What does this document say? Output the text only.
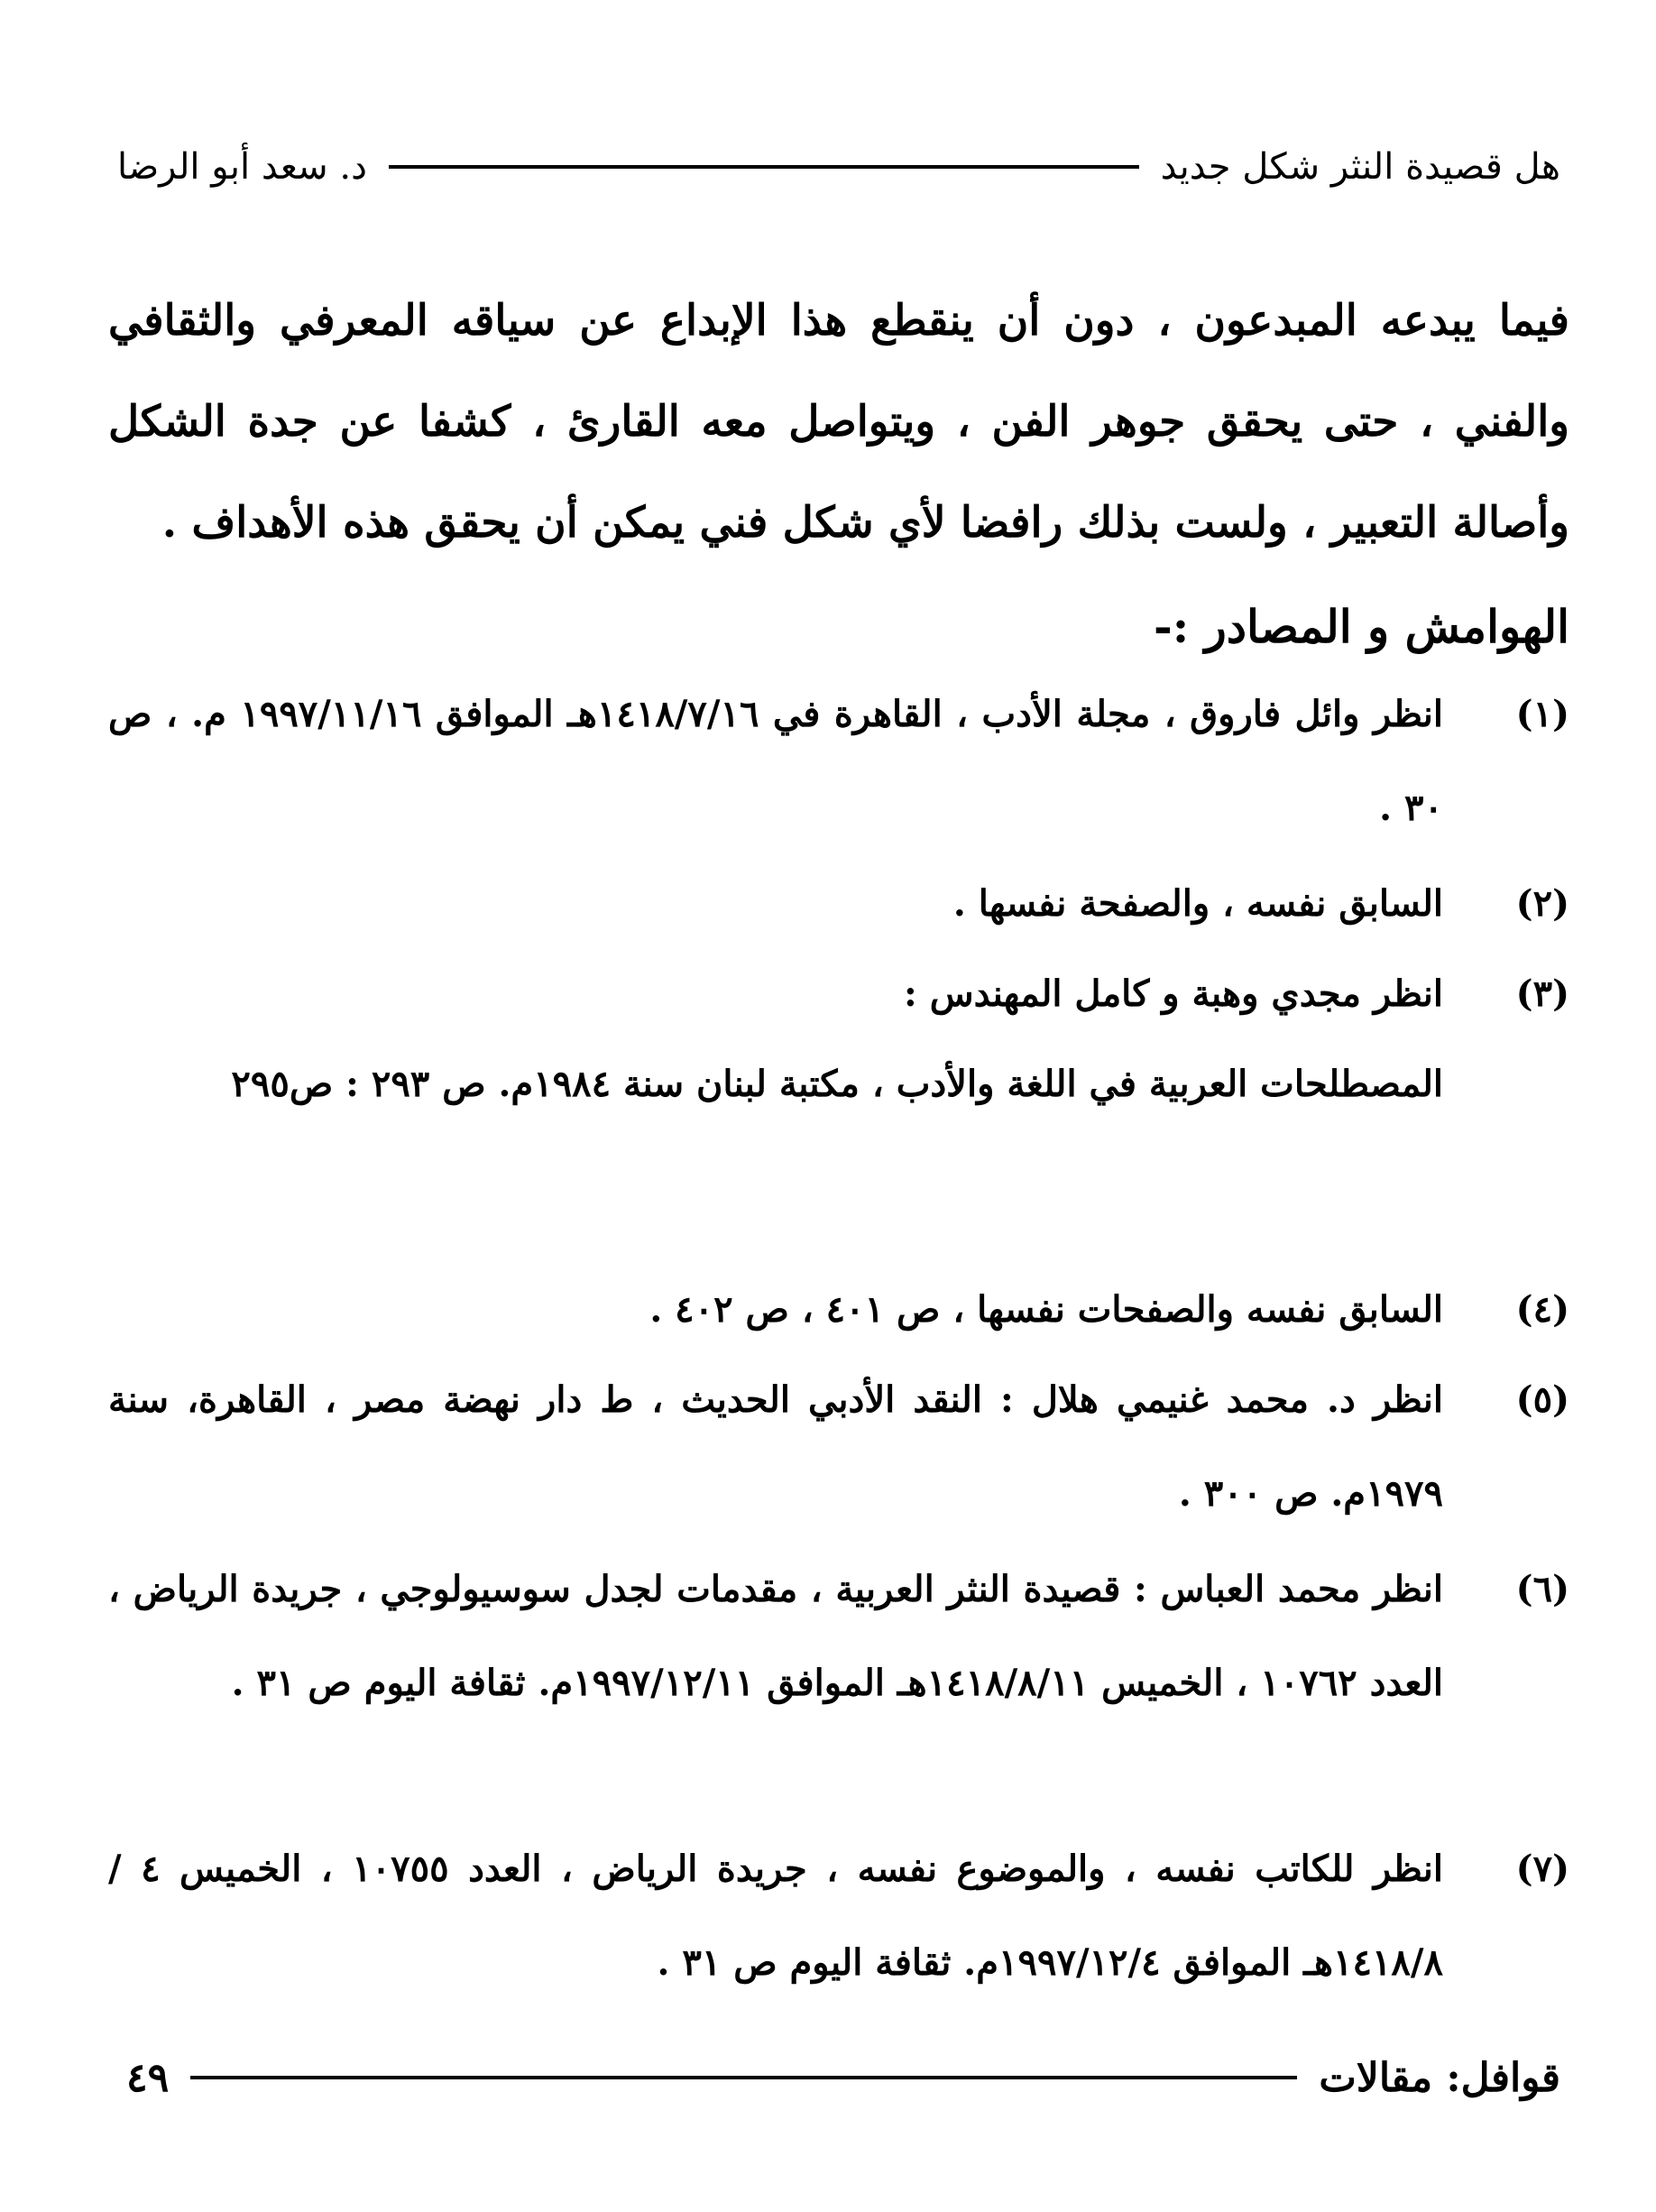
هل قصيدة النثر شكل جديد
د. سعد أبو الرضا
فيما يبدعه المبدعون ، دون أن ينقطع هذا الإبداع عن سياقه المعرفي والثقافي والفني ، حتى يحقق جوهر الفن ، ويتواصل معه القارئ ، كشفا عن جدة الشكل وأصالة التعبير ، ولست بذلك رافضا لأي شكل فني يمكن أن يحقق هذه الأهداف .
الهوامش و المصادر :-
(١)
انظر وائل فاروق ، مجلة الأدب ، القاهرة في ١٤١٨/٧/١٦هـ الموافق ١٩٩٧/١١/١٦ م. ، ص ٣٠ .
(٢)
السابق نفسه ، والصفحة نفسها .
(٣)
انظر مجدي وهبة و كامل المهندس :
المصطلحات العربية في اللغة والأدب ، مكتبة لبنان سنة ١٩٨٤م. ص ٢٩٣ : ص٢٩٥
(٤)
السابق نفسه والصفحات نفسها ، ص ٤٠١ ، ص ٤٠٢ .
(٥)
انظر د. محمد غنيمي هلال : النقد الأدبي الحديث ، ط دار نهضة مصر ، القاهرة، سنة ١٩٧٩م. ص ٣٠٠ .
(٦)
انظر محمد العباس : قصيدة النثر العربية ، مقدمات لجدل سوسيولوجي ، جريدة الرياض ، العدد ١٠٧٦٢ ، الخميس ١٤١٨/٨/١١هـ الموافق ١٩٩٧/١٢/١١م. ثقافة اليوم ص ٣١ .
(٧)
انظر للكاتب نفسه ، والموضوع نفسه ، جريدة الرياض ، العدد ١٠٧٥٥ ، الخميس ٤ /١٤١٨/٨هـ الموافق ١٩٩٧/١٢/٤م. ثقافة اليوم ص ٣١ .
قوافل: مقالات
٤٩
